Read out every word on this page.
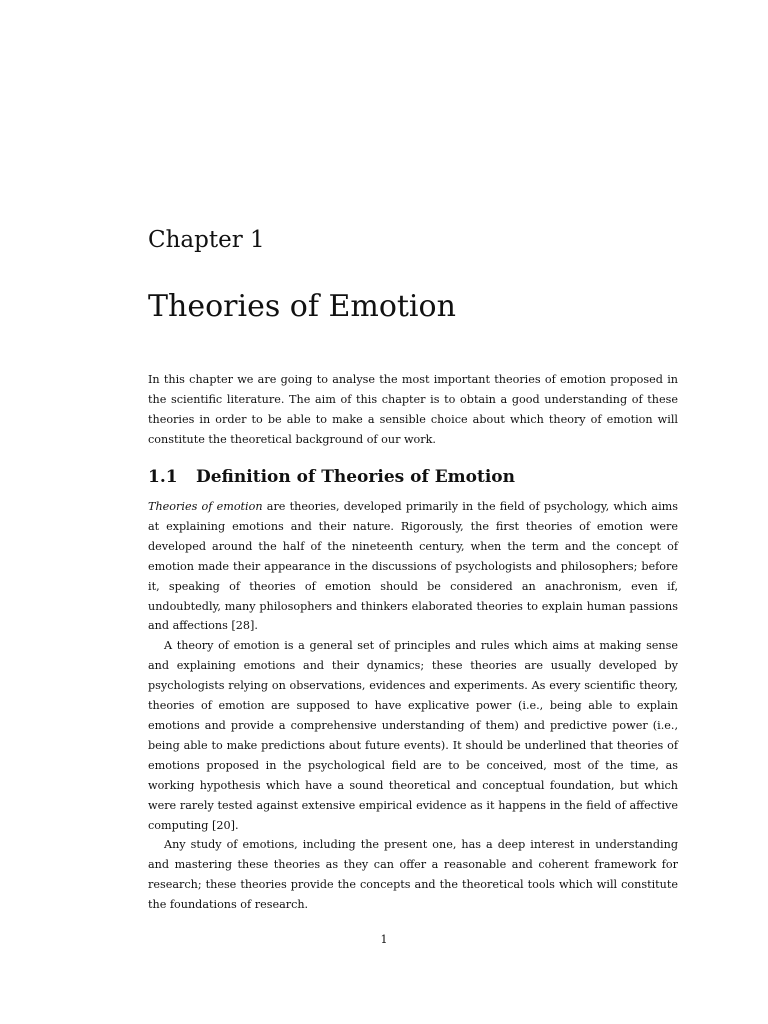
Chapter 1
Theories of Emotion

In this chapter we are going to analyse the most important theories of emotion proposed in the scientific literature. The aim of this chapter is to obtain a good understanding of these theories in order to be able to make a sensible choice about which theory of emotion will constitute the theoretical background of our work.

1.1 Definition of Theories of Emotion

Theories of emotion are theories, developed primarily in the field of psychology, which aims at explaining emotions and their nature. Rigorously, the first theories of emotion were developed around the half of the nineteenth century, when the term and the concept of emotion made their appearance in the discussions of psychologists and philosophers; before it, speaking of theories of emotion should be considered an anachronism, even if, undoubtedly, many philosophers and thinkers elaborated theories to explain human passions and affections [28].

A theory of emotion is a general set of principles and rules which aims at making sense and explaining emotions and their dynamics; these theories are usually developed by psychologists relying on observations, evidences and experiments. As every scientific theory, theories of emotion are supposed to have explicative power (i.e., being able to explain emotions and provide a comprehensive understanding of them) and predictive power (i.e., being able to make predictions about future events). It should be underlined that theories of emotions proposed in the psychological field are to be conceived, most of the time, as working hypothesis which have a sound theoretical and conceptual foundation, but which were rarely tested against extensive empirical evidence as it happens in the field of affective computing [20].

Any study of emotions, including the present one, has a deep interest in understanding and mastering these theories as they can offer a reasonable and coherent framework for research; these theories provide the concepts and the theoretical tools which will constitute the foundations of research.

1
